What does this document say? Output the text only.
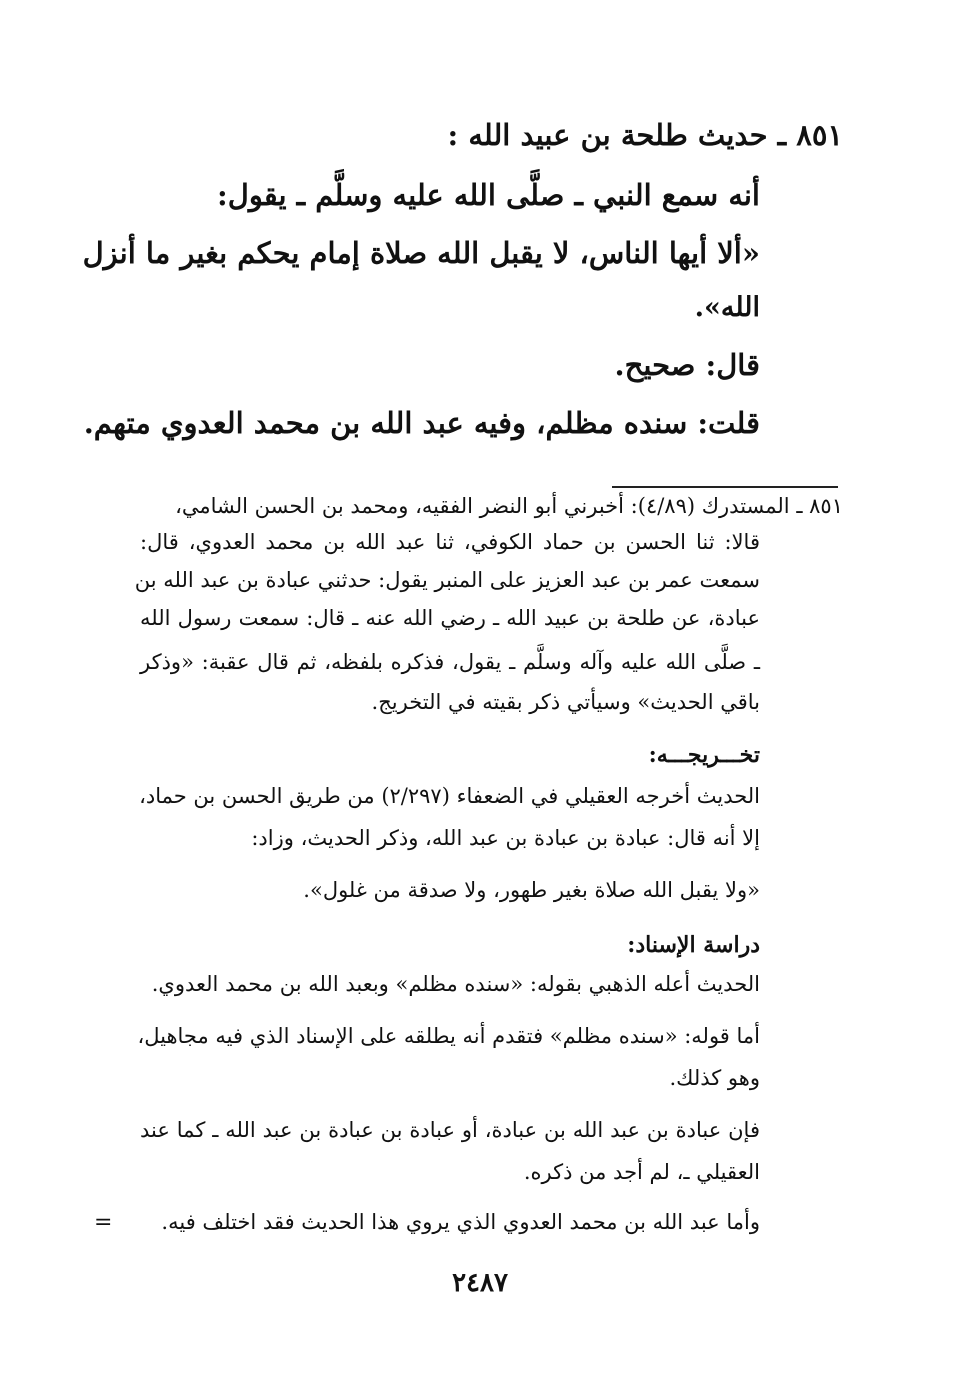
٨٥١ ـ حديث طلحة بن عبيد الله :
أنه سمع النبي ـ صلَّى الله عليه وسلَّم ـ يقول:
«ألا أيها الناس، لا يقبل الله صلاة إمام يحكم بغير ما أنزل
الله».
قال: صحيح.
قلت: سنده مظلم، وفيه عبد الله بن محمد العدوي متهم.
٨٥١ ـ المستدرك (٤/٨٩): أخبرني أبو النضر الفقيه، ومحمد بن الحسن الشامي،
قالا: ثنا الحسن بن حماد الكوفي، ثنا عبد الله بن محمد العدوي، قال:
سمعت عمر بن عبد العزيز على المنبر يقول: حدثني عبادة بن عبد الله بن
عبادة، عن طلحة بن عبيد الله ـ رضي الله عنه ـ قال: سمعت رسول الله
ـ صلَّى الله عليه وآله وسلَّم ـ يقول، فذكره بلفظه، ثم قال عقبة: «وذكر
باقي الحديث» وسيأتي ذكر بقيته في التخريج.
تخـــريجـــه:
الحديث أخرجه العقيلي في الضعفاء (٢/٢٩٧) من طريق الحسن بن حماد،
إلا أنه قال: عبادة بن عبادة بن عبد الله، وذكر الحديث، وزاد:
«ولا يقبل الله صلاة بغير طهور، ولا صدقة من غلول».
دراسة الإسناد:
الحديث أعله الذهبي بقوله: «سنده مظلم» وبعبد الله بن محمد العدوي.
أما قوله: «سنده مظلم» فتقدم أنه يطلقه على الإسناد الذي فيه مجاهيل،
وهو كذلك.
فإن عبادة بن عبد الله بن عبادة، أو عبادة بن عبادة بن عبد الله ـ كما عند
العقيلي ـ، لم أجد من ذكره.
وأما عبد الله بن محمد العدوي الذي يروي هذا الحديث فقد اختلف فيه.
=
٢٤٨٧
